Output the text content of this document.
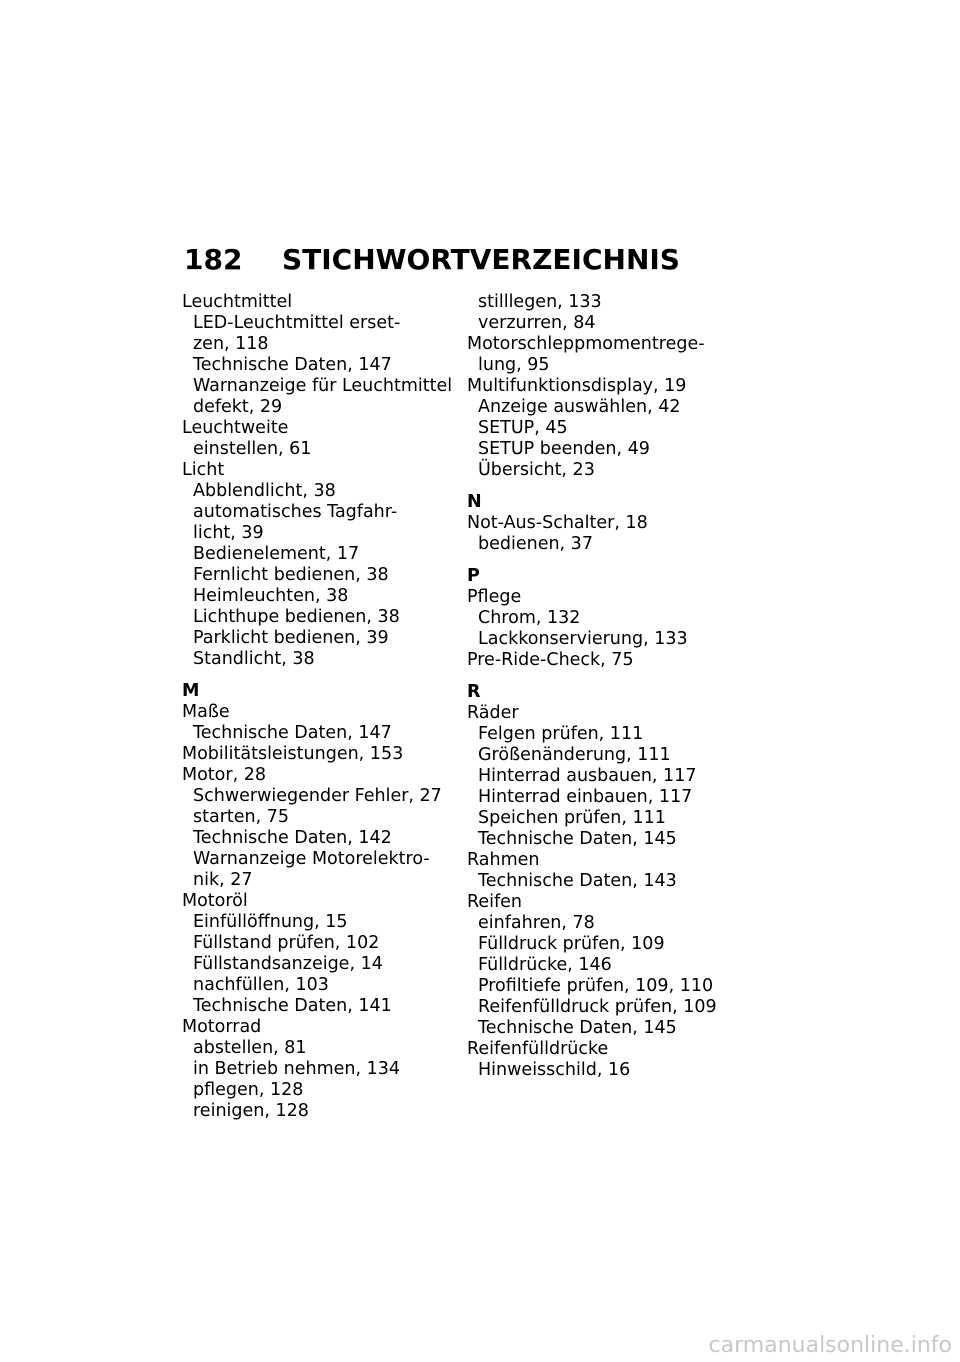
182 STICHWORTVERZEICHNIS
Leuchtmittel
LED-Leuchtmittel erset-
zen, 118
Technische Daten, 147
Warnanzeige für Leuchtmittel
defekt, 29
Leuchtweite
einstellen, 61
Licht
Abblendlicht, 38
automatisches Tagfahr-
licht, 39
Bedienelement, 17
Fernlicht bedienen, 38
Heimleuchten, 38
Lichthupe bedienen, 38
Parklicht bedienen, 39
Standlicht, 38
M
Maße
Technische Daten, 147
Mobilitätsleistungen, 153
Motor, 28
Schwerwiegender Fehler, 27
starten, 75
Technische Daten, 142
Warnanzeige Motorelektro-
nik, 27
Motoröl
Einfüllöffnung, 15
Füllstand prüfen, 102
Füllstandsanzeige, 14
nachfüllen, 103
Technische Daten, 141
Motorrad
abstellen, 81
in Betrieb nehmen, 134
pflegen, 128
reinigen, 128
stilllegen, 133
verzurren, 84
Motorschleppmomentrege-
lung, 95
Multifunktionsdisplay, 19
Anzeige auswählen, 42
SETUP, 45
SETUP beenden, 49
Übersicht, 23
N
Not-Aus-Schalter, 18
bedienen, 37
P
Pflege
Chrom, 132
Lackkonservierung, 133
Pre-Ride-Check, 75
R
Räder
Felgen prüfen, 111
Größenänderung, 111
Hinterrad ausbauen, 117
Hinterrad einbauen, 117
Speichen prüfen, 111
Technische Daten, 145
Rahmen
Technische Daten, 143
Reifen
einfahren, 78
Fülldruck prüfen, 109
Fülldrücke, 146
Profiltiefe prüfen, 109, 110
Reifenfülldruck prüfen, 109
Technische Daten, 145
Reifenfülldrücke
Hinweisschild, 16
carmanualsonline.info
